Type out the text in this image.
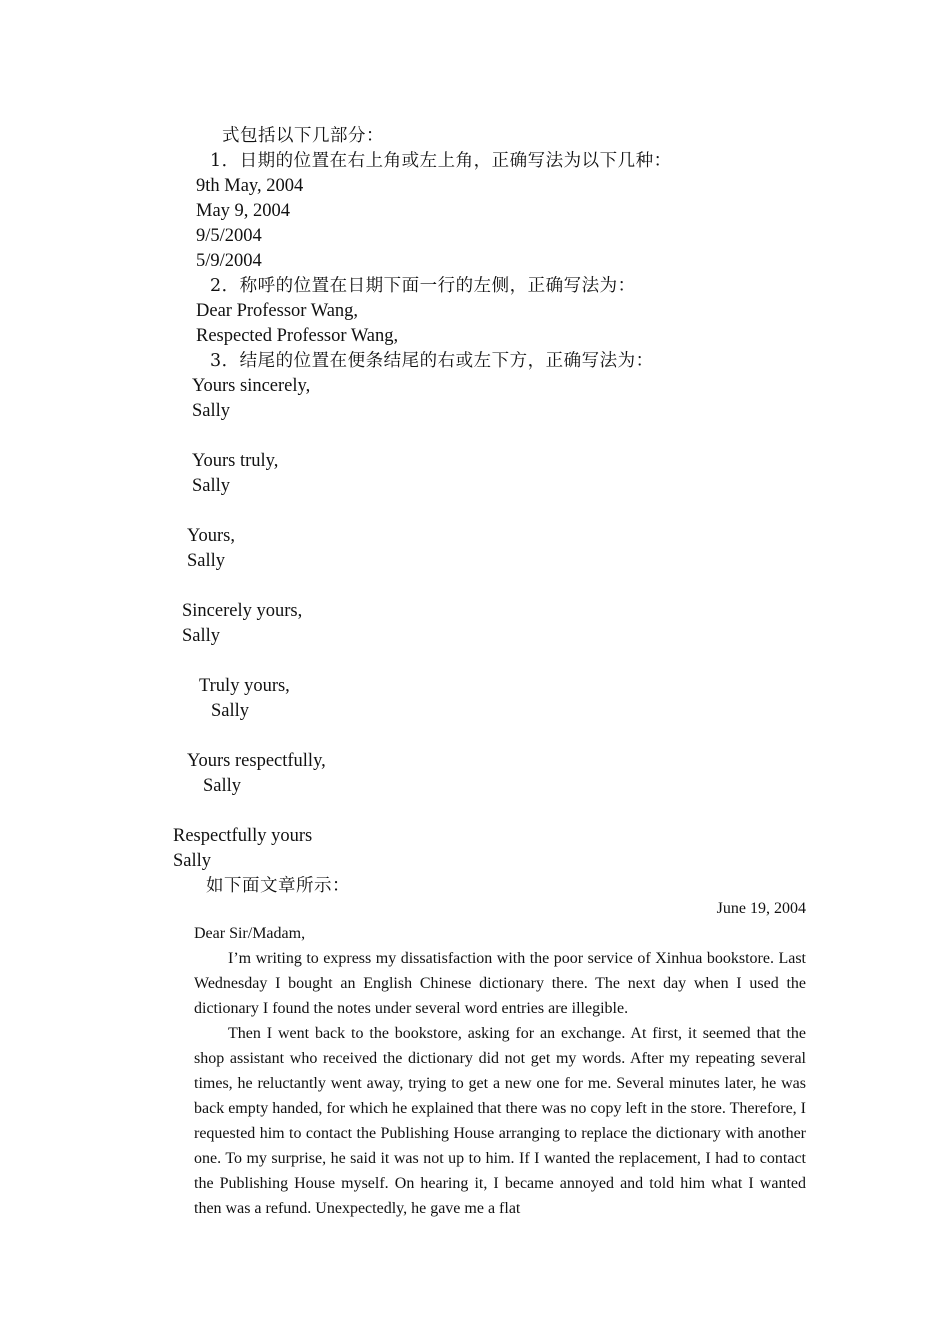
式包括以下几部分：
1．日期的位置在右上角或左上角，正确写法为以下几种：
9th May, 2004
May 9, 2004
9/5/2004
5/9/2004
2．称呼的位置在日期下面一行的左侧，正确写法为：
Dear Professor Wang,
Respected Professor Wang,
3．结尾的位置在便条结尾的右或左下方，正确写法为：
Yours sincerely,
Sally
Yours truly,
Sally
Yours,
Sally
Sincerely yours,
Sally
Truly yours,
Sally
Yours respectfully,
Sally
Respectfully yours
Sally
如下面文章所示：
June 19, 2004
Dear Sir/Madam,

I’m writing to express my dissatisfaction with the poor service of Xinhua bookstore. Last Wednesday I bought an English Chinese dictionary there. The next day when I used the dictionary I found the notes under several word entries are illegible.

Then I went back to the bookstore, asking for an exchange. At first, it seemed that the shop assistant who received the dictionary did not get my words. After my repeating several times, he reluctantly went away, trying to get a new one for me. Several minutes later, he was back empty handed, for which he explained that there was no copy left in the store. Therefore, I requested him to contact the Publishing House arranging to replace the dictionary with another one. To my surprise, he said it was not up to him. If I wanted the replacement, I had to contact the Publishing House myself. On hearing it, I became annoyed and told him what I wanted then was a refund. Unexpectedly, he gave me a flat
